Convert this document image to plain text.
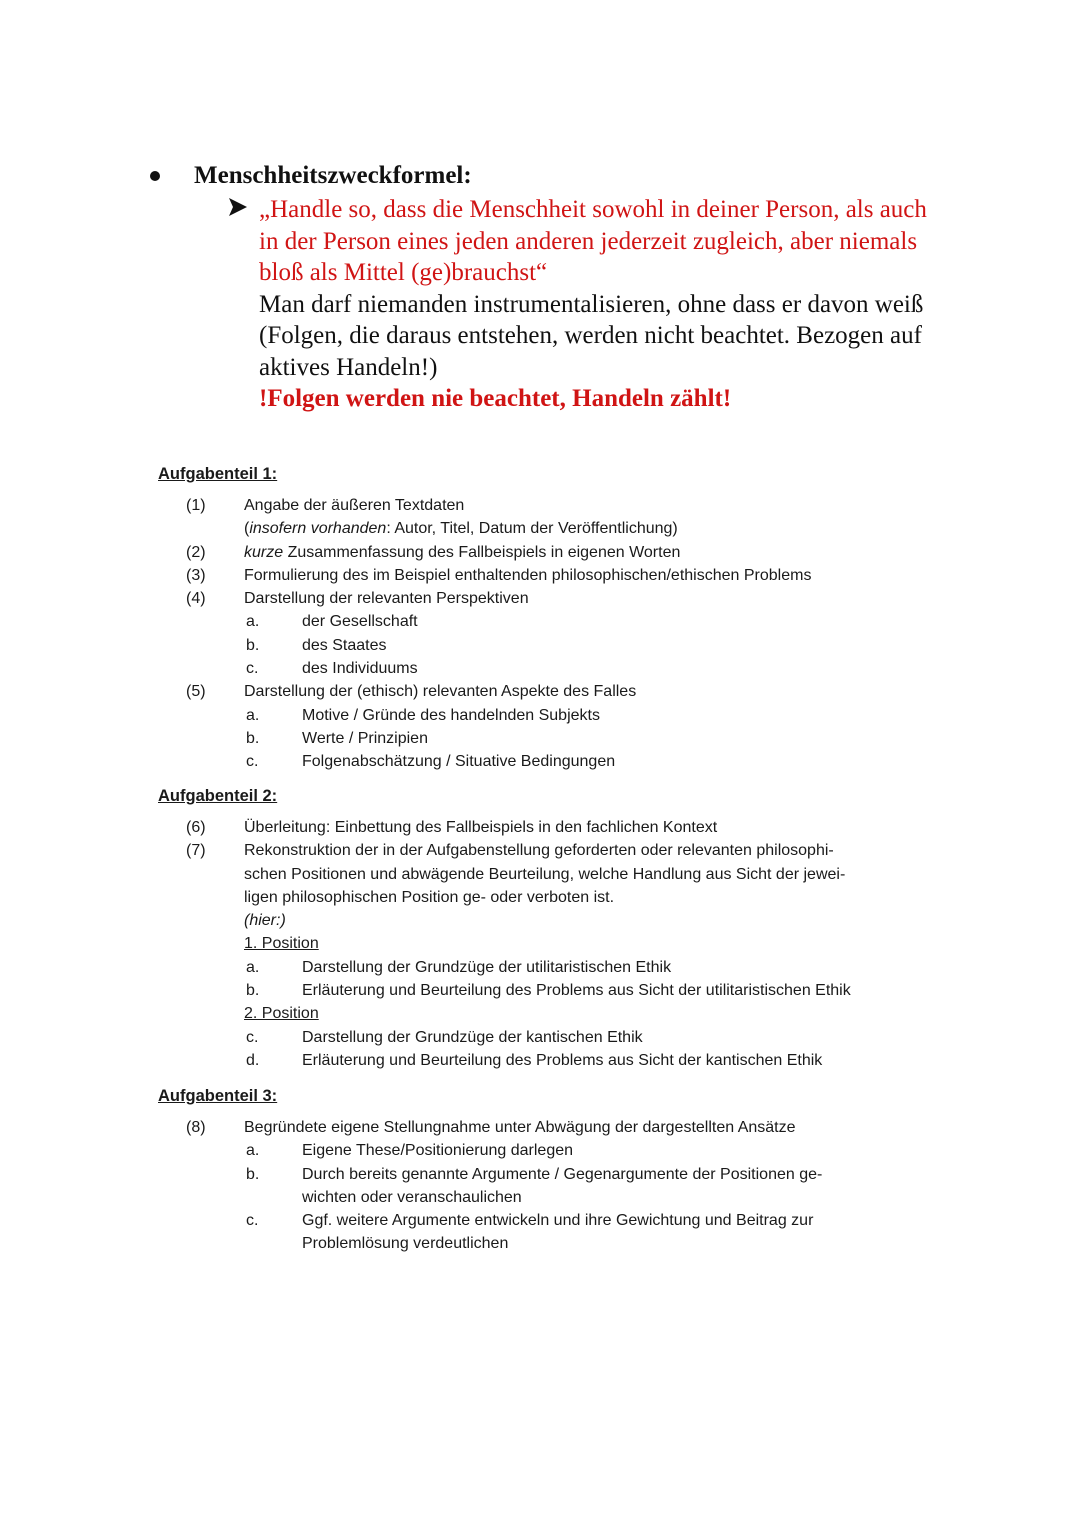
Menschheitszweckformel:
„Handle so, dass die Menschheit sowohl in deiner Person, als auch
in der Person eines jeden anderen jederzeit zugleich, aber niemals
bloß als Mittel (ge)brauchst“
Man darf niemanden instrumentalisieren, ohne dass er davon weiß
(Folgen, die daraus entstehen, werden nicht beachtet. Bezogen auf
aktives Handeln!)
!Folgen werden nie beachtet, Handeln zählt!
Aufgabenteil 1:
(1) Angabe der äußeren Textdaten
(insofern vorhanden: Autor, Titel, Datum der Veröffentlichung)
(2) kurze Zusammenfassung des Fallbeispiels in eigenen Worten
(3) Formulierung des im Beispiel enthaltenden philosophischen/ethischen Problems
(4) Darstellung der relevanten Perspektiven
a.	der Gesellschaft
b.	des Staates
c.	des Individuums
(5) Darstellung der (ethisch) relevanten Aspekte des Falles
a.	Motive / Gründe des handelnden Subjekts
b.	Werte / Prinzipien
c.	Folgenabschätzung / Situative Bedingungen
Aufgabenteil 2:
(6) Überleitung: Einbettung des Fallbeispiels in den fachlichen Kontext
(7) Rekonstruktion der in der Aufgabenstellung geforderten oder relevanten philosophi-
schen Positionen und abwägende Beurteilung, welche Handlung aus Sicht der jewei-
ligen philosophischen Position ge- oder verboten ist.
(hier:)
1. Position
a.	Darstellung der Grundzüge der utilitaristischen Ethik
b.	Erläuterung und Beurteilung des Problems aus Sicht der utilitaristischen Ethik
2. Position
c.	Darstellung der Grundzüge der kantischen Ethik
d.	Erläuterung und Beurteilung des Problems aus Sicht der kantischen Ethik
Aufgabenteil 3:
(8) Begründete eigene Stellungnahme unter Abwägung der dargestellten Ansätze
a.	Eigene These/Positionierung darlegen
b.	Durch bereits genannte Argumente / Gegenargumente der Positionen ge-
wichten oder veranschaulichen
c.	Ggf. weitere Argumente entwickeln und ihre Gewichtung und Beitrag zur
Problemlösung verdeutlichen
